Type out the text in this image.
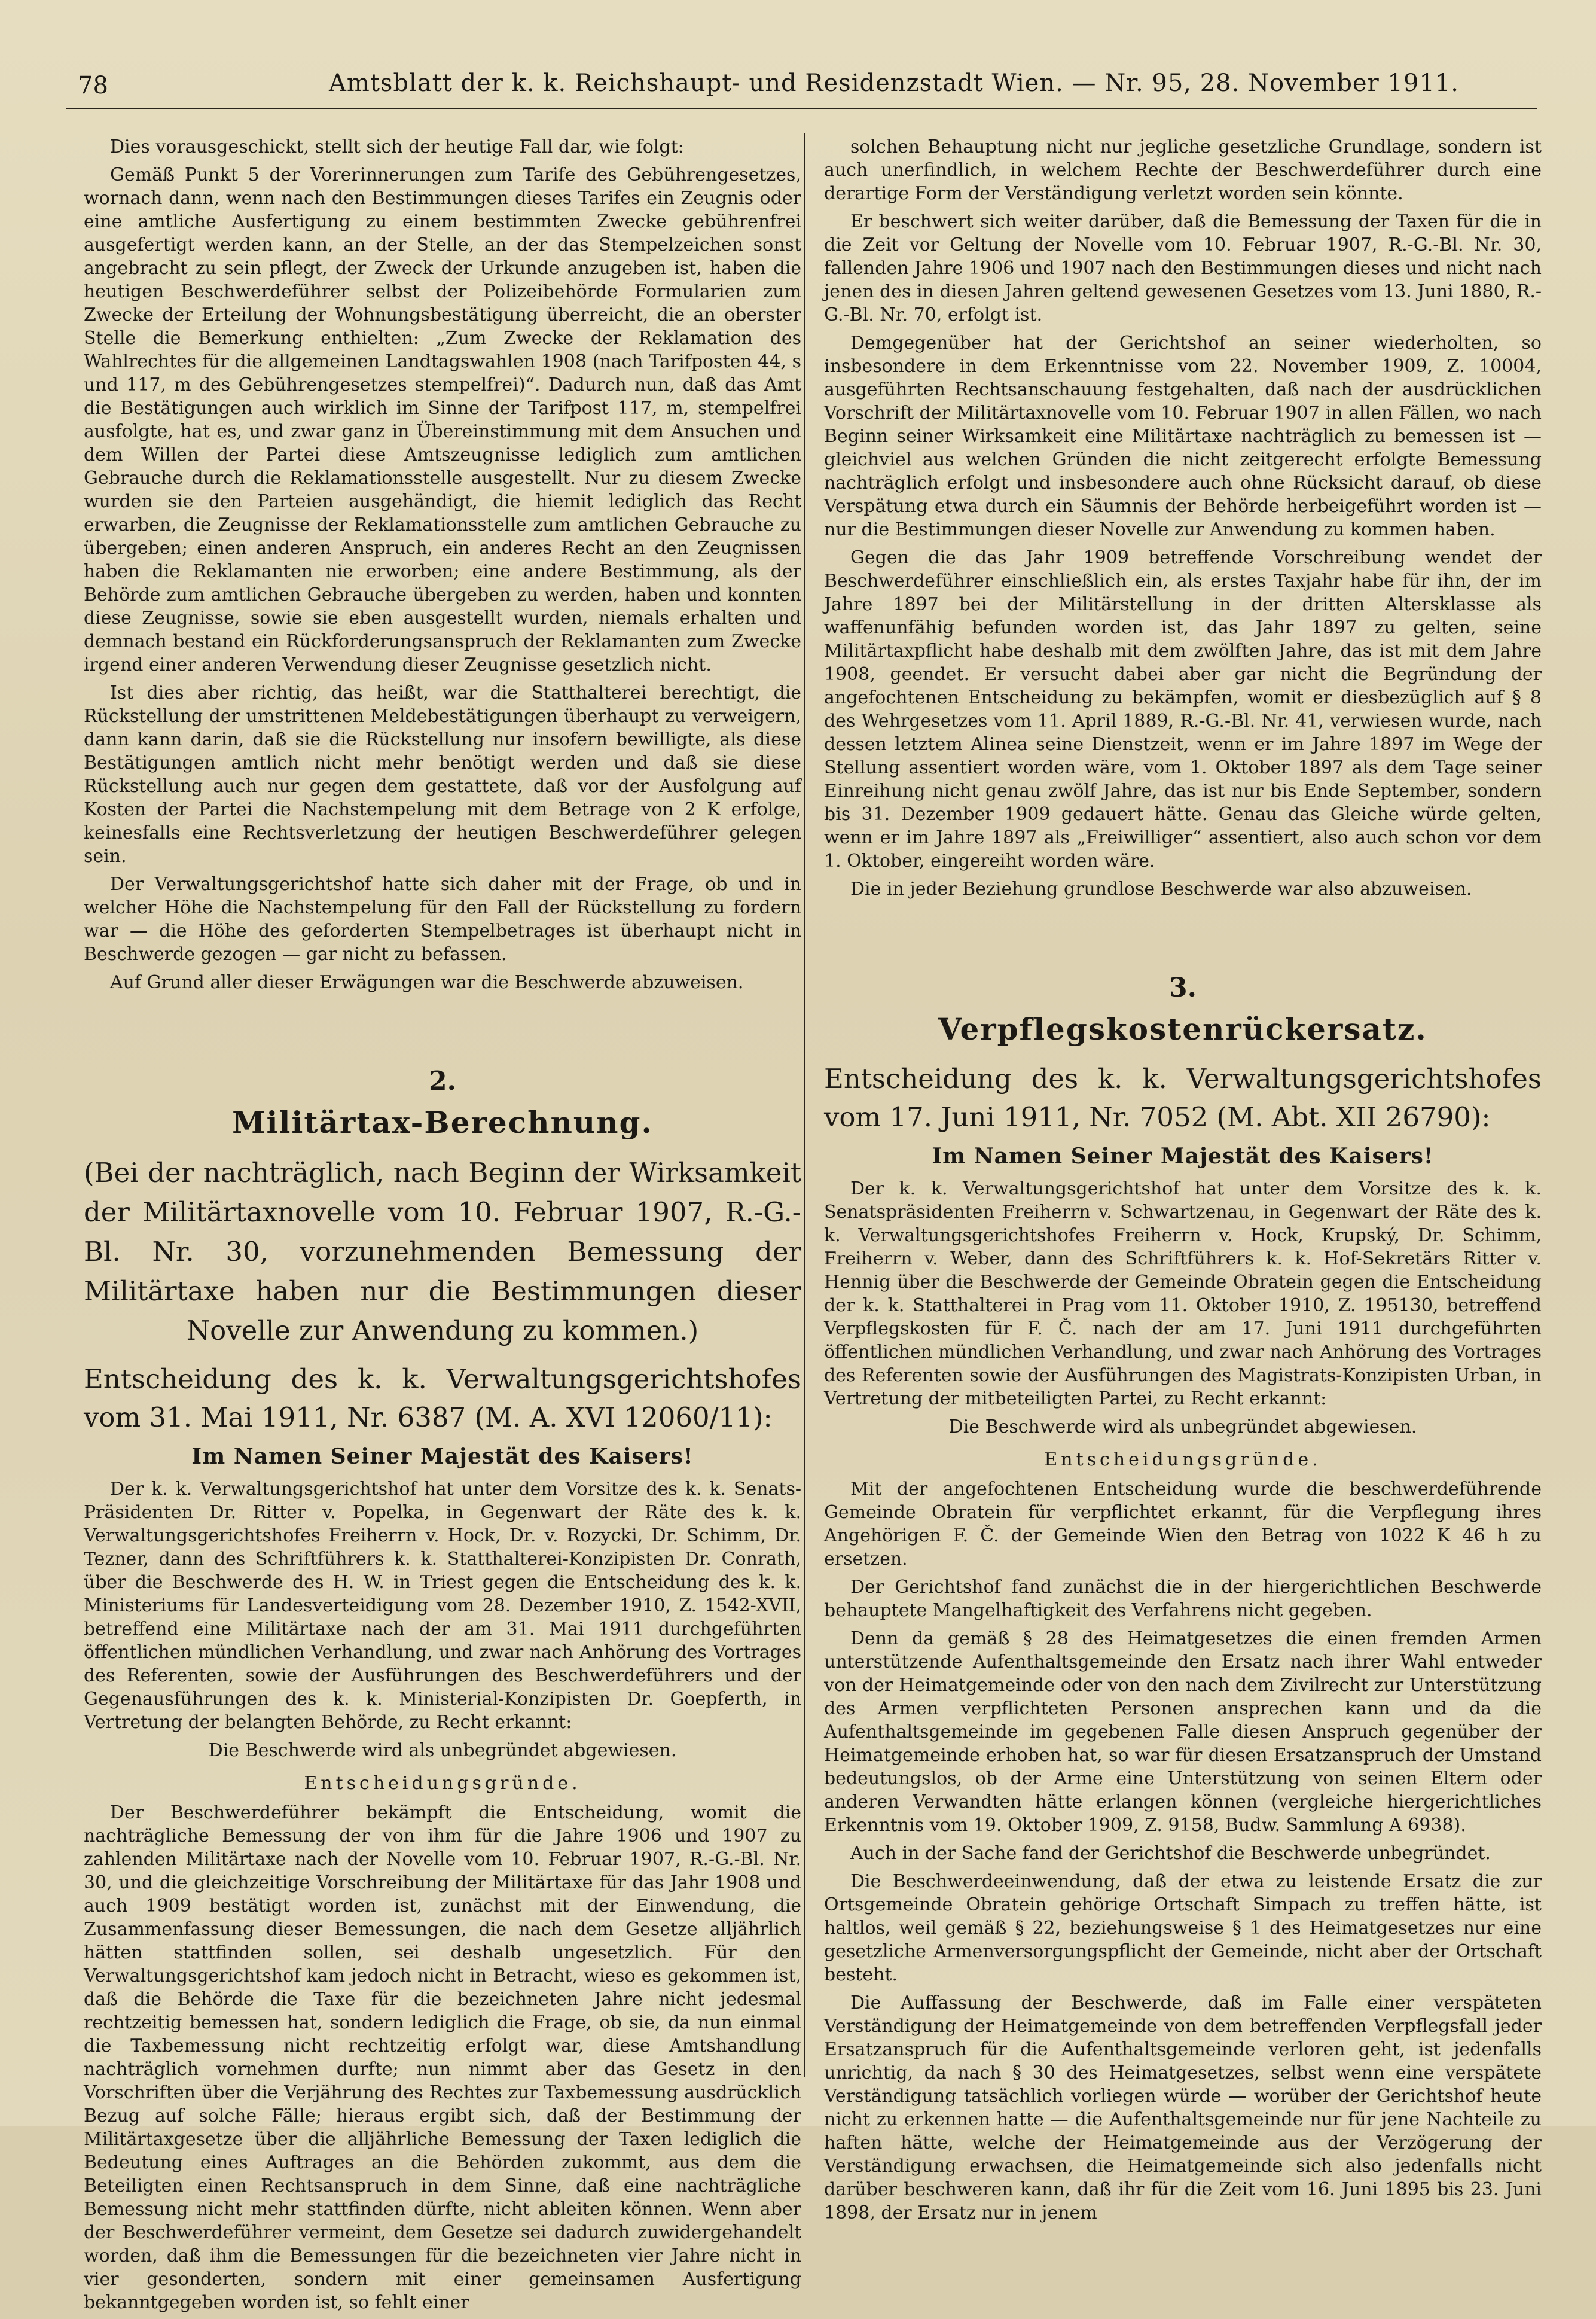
78	Amtsblatt der k. k. Reichshaupt- und Residenzstadt Wien. — Nr. 95, 28. November 1911.

Dies vorausgeschickt, stellt sich der heutige Fall dar, wie folgt:

Gemäß Punkt 5 der Vorerinnerungen zum Tarife des Gebührengesetzes, wornach dann, wenn nach den Bestimmungen dieses Tarifes ein Zeugnis oder eine amtliche Ausfertigung zu einem bestimmten Zwecke gebührenfrei ausgefertigt werden kann, an der Stelle, an der das Stempelzeichen sonst angebracht zu sein pflegt, der Zweck der Urkunde anzugeben ist, haben die heutigen Beschwerdeführer selbst der Polizeibehörde Formularien zum Zwecke der Erteilung der Wohnungsbestätigung überreicht, die an oberster Stelle die Bemerkung enthielten: „Zum Zwecke der Reklamation des Wahlrechtes für die allgemeinen Landtagswahlen 1908 (nach Tarifposten 44, s und 117, m des Gebührengesetzes stempelfrei)“. Dadurch nun, daß das Amt die Bestätigungen auch wirklich im Sinne der Tarifpost 117, m, stempelfrei ausfolgte, hat es, und zwar ganz in Übereinstimmung mit dem Ansuchen und dem Willen der Partei diese Amtszeugnisse lediglich zum amtlichen Gebrauche durch die Reklamationsstelle ausgestellt. Nur zu diesem Zwecke wurden sie den Parteien ausgehändigt, die hiemit lediglich das Recht erwarben, die Zeugnisse der Reklamationsstelle zum amtlichen Gebrauche zu übergeben; einen anderen Anspruch, ein anderes Recht an den Zeugnissen haben die Reklamanten nie erworben; eine andere Bestimmung, als der Behörde zum amtlichen Gebrauche übergeben zu werden, haben und konnten diese Zeugnisse, sowie sie eben ausgestellt wurden, niemals erhalten und demnach bestand ein Rückforderungsanspruch der Reklamanten zum Zwecke irgend einer anderen Verwendung dieser Zeugnisse gesetzlich nicht.

Ist dies aber richtig, das heißt, war die Statthalterei berechtigt, die Rückstellung der umstrittenen Meldebestätigungen überhaupt zu verweigern, dann kann darin, daß sie die Rückstellung nur insofern bewilligte, als diese Bestätigungen amtlich nicht mehr benötigt werden und daß sie diese Rückstellung auch nur gegen dem gestattete, daß vor der Ausfolgung auf Kosten der Partei die Nachstempelung mit dem Betrage von 2 K erfolge, keinesfalls eine Rechtsverletzung der heutigen Beschwerdeführer gelegen sein.

Der Verwaltungsgerichtshof hatte sich daher mit der Frage, ob und in welcher Höhe die Nachstempelung für den Fall der Rückstellung zu fordern war — die Höhe des geforderten Stempelbetrages ist überhaupt nicht in Beschwerde gezogen — gar nicht zu befassen.

Auf Grund aller dieser Erwägungen war die Beschwerde abzuweisen.

2.
Militärtax-Berechnung.
(Bei der nachträglich, nach Beginn der Wirksamkeit der Militärtaxnovelle vom 10. Februar 1907, R.-G.-Bl. Nr. 30, vorzunehmenden Bemessung der Militärtaxe haben nur die Bestimmungen dieser Novelle zur Anwendung zu kommen.)
Entscheidung des k. k. Verwaltungsgerichtshofes vom 31. Mai 1911, Nr. 6387 (M. A. XVI 12060/11):
Im Namen Seiner Majestät des Kaisers!

Der k. k. Verwaltungsgerichtshof hat unter dem Vorsitze des k. k. Senats-Präsidenten Dr. Ritter v. Popelka, in Gegenwart der Räte des k. k. Verwaltungsgerichtshofes Freiherrn v. Hock, Dr. v. Rozycki, Dr. Schimm, Dr. Tezner, dann des Schriftführers k. k. Statthalterei-Konzipisten Dr. Conrath, über die Beschwerde des H. W. in Triest gegen die Entscheidung des k. k. Ministeriums für Landesverteidigung vom 28. Dezember 1910, Z. 1542-XVII, betreffend eine Militärtaxe nach der am 31. Mai 1911 durchgeführten öffentlichen mündlichen Verhandlung, und zwar nach Anhörung des Vortrages des Referenten, sowie der Ausführungen des Beschwerdeführers und der Gegenausführungen des k. k. Ministerial-Konzipisten Dr. Goepferth, in Vertretung der belangten Behörde, zu Recht erkannt:

Die Beschwerde wird als unbegründet abgewiesen.

Entscheidungsgründe.

Der Beschwerdeführer bekämpft die Entscheidung, womit die nachträgliche Bemessung der von ihm für die Jahre 1906 und 1907 zu zahlenden Militärtaxe nach der Novelle vom 10. Februar 1907, R.-G.-Bl. Nr. 30, und die gleichzeitige Vorschreibung der Militärtaxe für das Jahr 1908 und auch 1909 bestätigt worden ist, zunächst mit der Einwendung, die Zusammenfassung dieser Bemessungen, die nach dem Gesetze alljährlich hätten stattfinden sollen, sei deshalb ungesetzlich. Für den Verwaltungsgerichtshof kam jedoch nicht in Betracht, wieso es gekommen ist, daß die Behörde die Taxe für die bezeichneten Jahre nicht jedesmal rechtzeitig bemessen hat, sondern lediglich die Frage, ob sie, da nun einmal die Taxbemessung nicht rechtzeitig erfolgt war, diese Amtshandlung nachträglich vornehmen durfte; nun nimmt aber das Gesetz in den Vorschriften über die Verjährung des Rechtes zur Taxbemessung ausdrücklich Bezug auf solche Fälle; hieraus ergibt sich, daß der Bestimmung der Militärtaxgesetze über die alljährliche Bemessung der Taxen lediglich die Bedeutung eines Auftrages an die Behörden zukommt, aus dem die Beteiligten einen Rechtsanspruch in dem Sinne, daß eine nachträgliche Bemessung nicht mehr stattfinden dürfte, nicht ableiten können. Wenn aber der Beschwerdeführer vermeint, dem Gesetze sei dadurch zuwidergehandelt worden, daß ihm die Bemessungen für die bezeichneten vier Jahre nicht in vier gesonderten, sondern mit einer gemeinsamen Ausfertigung bekanntgegeben worden ist, so fehlt einer

solchen Behauptung nicht nur jegliche gesetzliche Grundlage, sondern ist auch unerfindlich, in welchem Rechte der Beschwerdeführer durch eine derartige Form der Verständigung verletzt worden sein könnte.

Er beschwert sich weiter darüber, daß die Bemessung der Taxen für die in die Zeit vor Geltung der Novelle vom 10. Februar 1907, R.-G.-Bl. Nr. 30, fallenden Jahre 1906 und 1907 nach den Bestimmungen dieses und nicht nach jenen des in diesen Jahren geltend gewesenen Gesetzes vom 13. Juni 1880, R.-G.-Bl. Nr. 70, erfolgt ist.

Demgegenüber hat der Gerichtshof an seiner wiederholten, so insbesondere in dem Erkenntnisse vom 22. November 1909, Z. 10004, ausgeführten Rechtsanschauung festgehalten, daß nach der ausdrücklichen Vorschrift der Militärtaxnovelle vom 10. Februar 1907 in allen Fällen, wo nach Beginn seiner Wirksamkeit eine Militärtaxe nachträglich zu bemessen ist — gleichviel aus welchen Gründen die nicht zeitgerecht erfolgte Bemessung nachträglich erfolgt und insbesondere auch ohne Rücksicht darauf, ob diese Verspätung etwa durch ein Säumnis der Behörde herbeigeführt worden ist — nur die Bestimmungen dieser Novelle zur Anwendung zu kommen haben.

Gegen die das Jahr 1909 betreffende Vorschreibung wendet der Beschwerdeführer einschließlich ein, als erstes Taxjahr habe für ihn, der im Jahre 1897 bei der Militärstellung in der dritten Altersklasse als waffenunfähig befunden worden ist, das Jahr 1897 zu gelten, seine Militärtaxpflicht habe deshalb mit dem zwölften Jahre, das ist mit dem Jahre 1908, geendet. Er versucht dabei aber gar nicht die Begründung der angefochtenen Entscheidung zu bekämpfen, womit er diesbezüglich auf § 8 des Wehrgesetzes vom 11. April 1889, R.-G.-Bl. Nr. 41, verwiesen wurde, nach dessen letztem Alinea seine Dienstzeit, wenn er im Jahre 1897 im Wege der Stellung assentiert worden wäre, vom 1. Oktober 1897 als dem Tage seiner Einreihung nicht genau zwölf Jahre, das ist nur bis Ende September, sondern bis 31. Dezember 1909 gedauert hätte. Genau das Gleiche würde gelten, wenn er im Jahre 1897 als „Freiwilliger“ assentiert, also auch schon vor dem 1. Oktober, eingereiht worden wäre.

Die in jeder Beziehung grundlose Beschwerde war also abzuweisen.

3.
Verpflegskostenrückersatz.
Entscheidung des k. k. Verwaltungsgerichtshofes vom 17. Juni 1911, Nr. 7052 (M. Abt. XII 26790):
Im Namen Seiner Majestät des Kaisers!

Der k. k. Verwaltungsgerichtshof hat unter dem Vorsitze des k. k. Senatspräsidenten Freiherrn v. Schwartzenau, in Gegenwart der Räte des k. k. Verwaltungsgerichtshofes Freiherrn v. Hock, Krupský, Dr. Schimm, Freiherrn v. Weber, dann des Schriftführers k. k. Hof-Sekretärs Ritter v. Hennig über die Beschwerde der Gemeinde Obratein gegen die Entscheidung der k. k. Statthalterei in Prag vom 11. Oktober 1910, Z. 195130, betreffend Verpflegskosten für F. Č. nach der am 17. Juni 1911 durchgeführten öffentlichen mündlichen Verhandlung, und zwar nach Anhörung des Vortrages des Referenten sowie der Ausführungen des Magistrats-Konzipisten Urban, in Vertretung der mitbeteiligten Partei, zu Recht erkannt:

Die Beschwerde wird als unbegründet abgewiesen.

Entscheidungsgründe.

Mit der angefochtenen Entscheidung wurde die beschwerdeführende Gemeinde Obratein für verpflichtet erkannt, für die Verpflegung ihres Angehörigen F. Č. der Gemeinde Wien den Betrag von 1022 K 46 h zu ersetzen.

Der Gerichtshof fand zunächst die in der hiergerichtlichen Beschwerde behauptete Mangelhaftigkeit des Verfahrens nicht gegeben.

Denn da gemäß § 28 des Heimatgesetzes die einen fremden Armen unterstützende Aufenthaltsgemeinde den Ersatz nach ihrer Wahl entweder von der Heimatgemeinde oder von den nach dem Zivilrecht zur Unterstützung des Armen verpflichteten Personen ansprechen kann und da die Aufenthaltsgemeinde im gegebenen Falle diesen Anspruch gegenüber der Heimatgemeinde erhoben hat, so war für diesen Ersatzanspruch der Umstand bedeutungslos, ob der Arme eine Unterstützung von seinen Eltern oder anderen Verwandten hätte erlangen können (vergleiche hiergerichtliches Erkenntnis vom 19. Oktober 1909, Z. 9158, Budw. Sammlung A 6938).

Auch in der Sache fand der Gerichtshof die Beschwerde unbegründet.

Die Beschwerdeeinwendung, daß der etwa zu leistende Ersatz die zur Ortsgemeinde Obratein gehörige Ortschaft Simpach zu treffen hätte, ist haltlos, weil gemäß § 22, beziehungsweise § 1 des Heimatgesetzes nur eine gesetzliche Armenversorgungspflicht der Gemeinde, nicht aber der Ortschaft besteht.

Die Auffassung der Beschwerde, daß im Falle einer verspäteten Verständigung der Heimatgemeinde von dem betreffenden Verpflegsfall jeder Ersatzanspruch für die Aufenthaltsgemeinde verloren geht, ist jedenfalls unrichtig, da nach § 30 des Heimatgesetzes, selbst wenn eine verspätete Verständigung tatsächlich vorliegen würde — worüber der Gerichtshof heute nicht zu erkennen hatte — die Aufenthaltsgemeinde nur für jene Nachteile zu haften hätte, welche der Heimatgemeinde aus der Verzögerung der Verständigung erwachsen, die Heimatgemeinde sich also jedenfalls nicht darüber beschweren kann, daß ihr für die Zeit vom 16. Juni 1895 bis 23. Juni 1898, der Ersatz nur in jenem
